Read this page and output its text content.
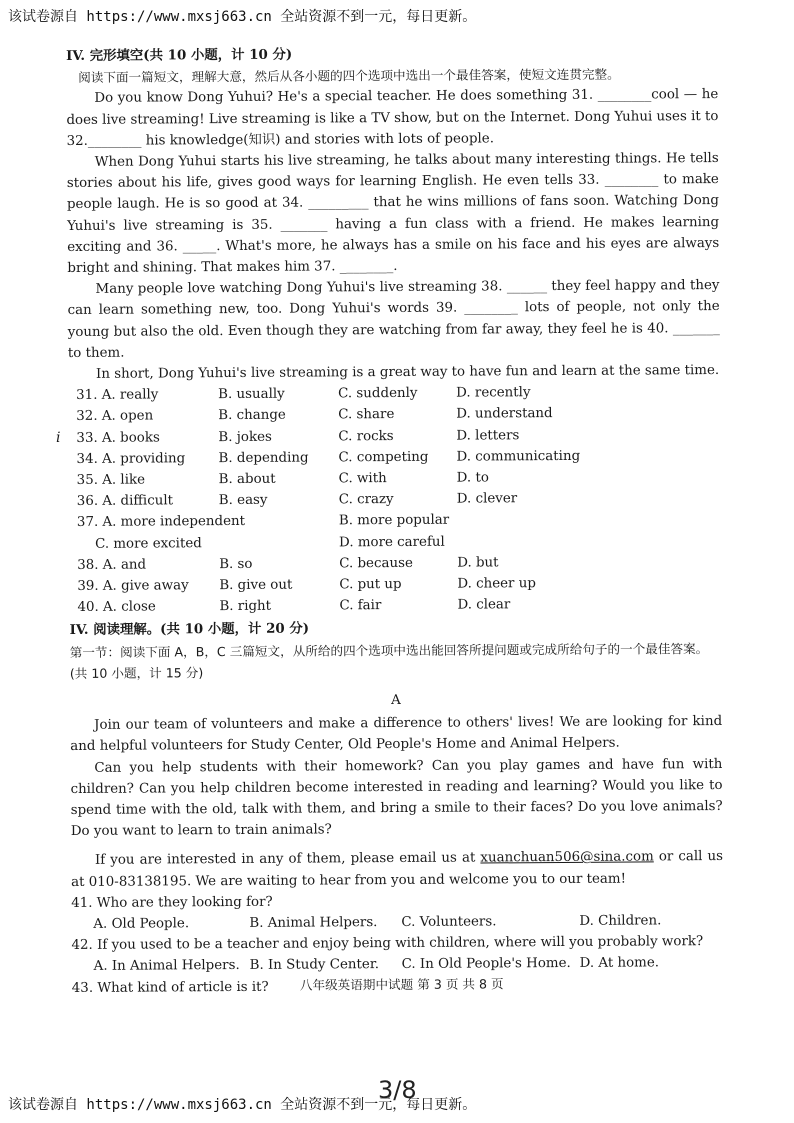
该试卷源自 https://www.mxsj663.cn 全站资源不到一元，每日更新。

IV. 完形填空(共 10 小题，计 10 分)

阅读下面一篇短文，理解大意，然后从各小题的四个选项中选出一个最佳答案，使短文连贯完整。

Do you know Dong Yuhui? He's a special teacher. He does something 31. ________cool — he does live streaming! Live streaming is like a TV show, but on the Internet. Dong Yuhui uses it to 32.________ his knowledge(知识) and stories with lots of people.

When Dong Yuhui starts his live streaming, he talks about many interesting things. He tells stories about his life, gives good ways for learning English. He even tells 33. ________ to make people laugh. He is so good at 34. _________ that he wins millions of fans soon. Watching Dong Yuhui's live streaming is 35. _______ having a fun class with a friend. He makes learning exciting and 36. _____. What's more, he always has a smile on his face and his eyes are always bright and shining. That makes him 37. ________.

Many people love watching Dong Yuhui's live streaming 38. ______ they feel happy and they can learn something new, too. Dong Yuhui's words 39. ________ lots of people, not only the young but also the old. Even though they are watching from far away, they feel he is 40. _______ to them.

In short, Dong Yuhui's live streaming is a great way to have fun and learn at the same time.

31. A. really	B. usually	C. suddenly	D. recently
32. A. open	B. change	C. share	D. understand
33. A. books	B. jokes	C. rocks	D. letters
34. A. providing	B. depending	C. competing	D. communicating
35. A. like	B. about	C. with	D. to
36. A. difficult	B. easy	C. crazy	D. clever
37. A. more independent	B. more popular
C. more excited	D. more careful
38. A. and	B. so	C. because	D. but
39. A. give away	B. give out	C. put up	D. cheer up
40. A. close	B. right	C. fair	D. clear

IV. 阅读理解。(共 10 小题，计 20 分)

第一节：阅读下面 A，B，C 三篇短文，从所给的四个选项中选出能回答所提问题或完成所给句子的一个最佳答案。(共 10 小题，计 15 分)

A

Join our team of volunteers and make a difference to others' lives! We are looking for kind and helpful volunteers for Study Center, Old People's Home and Animal Helpers.

Can you help students with their homework? Can you play games and have fun with children? Can you help children become interested in reading and learning? Would you like to spend time with the old, talk with them, and bring a smile to their faces? Do you love animals? Do you want to learn to train animals?

If you are interested in any of them, please email us at xuanchuan506@sina.com or call us at 010-83138195. We are waiting to hear from you and welcome you to our team!

41. Who are they looking for?

A. Old People.	B. Animal Helpers.	C. Volunteers.	D. Children.

42. If you used to be a teacher and enjoy being with children, where will you probably work?

A. In Animal Helpers. B. In Study Center.	C. In Old People's Home. D. At home.

43. What kind of article is it?	八年级英语期中试题 第 3 页 共 8 页
i
3/8
该试卷源自 https://www.mxsj663.cn 全站资源不到一元，每日更新。
